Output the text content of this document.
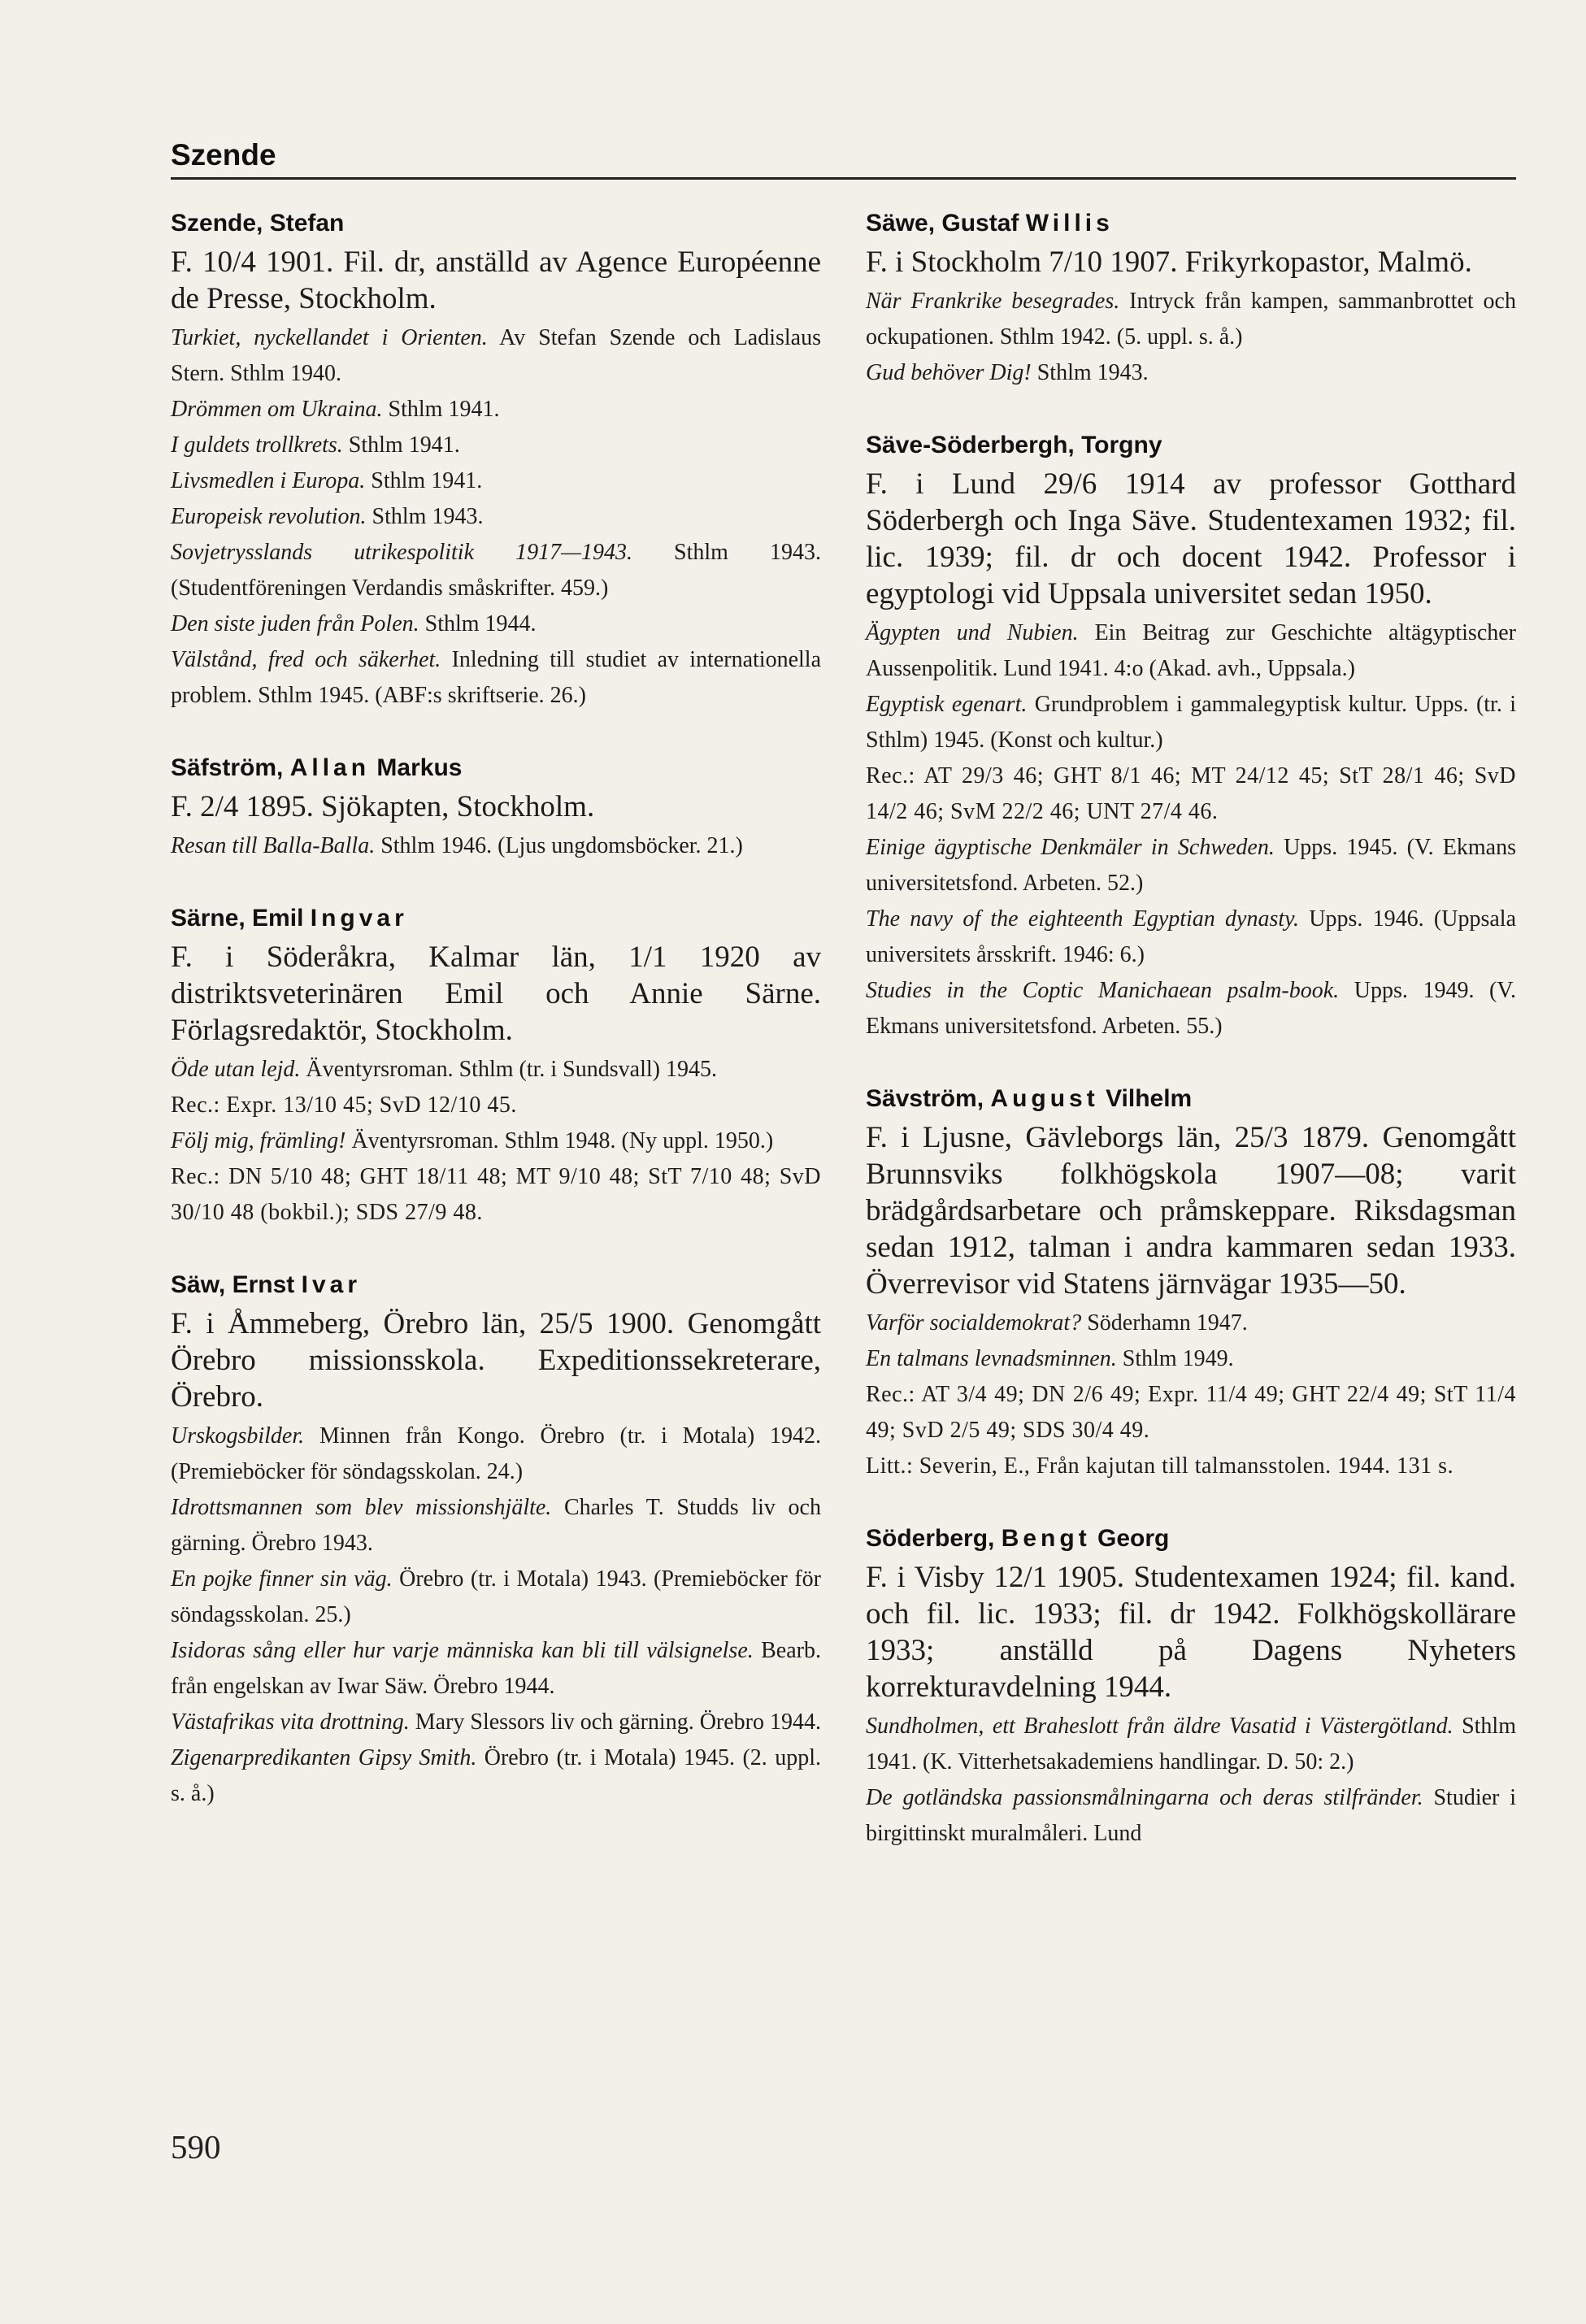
Szende

Szende, Stefan

F. 10/4 1901. Fil. dr, anställd av Agence Européenne de Presse, Stockholm.

Turkiet, nyckellandet i Orienten. Av Stefan Szende och Ladislaus Stern. Sthlm 1940.

Drömmen om Ukraina. Sthlm 1941.

I guldets trollkrets. Sthlm 1941.

Livsmedlen i Europa. Sthlm 1941.

Europeisk revolution. Sthlm 1943.

Sovjetrysslands utrikespolitik 1917—1943. Sthlm 1943. (Studentföreningen Verdandis småskrifter. 459.)

Den siste juden från Polen. Sthlm 1944.

Välstånd, fred och säkerhet. Inledning till studiet av internationella problem. Sthlm 1945. (ABF:s skriftserie. 26.)

Säfström, Allan Markus

F. 2/4 1895. Sjökapten, Stockholm.

Resan till Balla-Balla. Sthlm 1946. (Ljus ungdomsböcker. 21.)

Särne, Emil Ingvar

F. i Söderåkra, Kalmar län, 1/1 1920 av distriktsveterinären Emil och Annie Särne. Förlagsredaktör, Stockholm.

Öde utan lejd. Äventyrsroman. Sthlm (tr. i Sundsvall) 1945.

Rec.: Expr. 13/10 45; SvD 12/10 45.

Följ mig, främling! Äventyrsroman. Sthlm 1948. (Ny uppl. 1950.)

Rec.: DN 5/10 48; GHT 18/11 48; MT 9/10 48; StT 7/10 48; SvD 30/10 48 (bokbil.); SDS 27/9 48.

Säw, Ernst Ivar

F. i Åmmeberg, Örebro län, 25/5 1900. Genomgått Örebro missionsskola. Expeditionssekreterare, Örebro.

Urskogsbilder. Minnen från Kongo. Örebro (tr. i Motala) 1942. (Premieböcker för söndagsskolan. 24.)

Idrottsmannen som blev missionshjälte. Charles T. Studds liv och gärning. Örebro 1943.

En pojke finner sin väg. Örebro (tr. i Motala) 1943. (Premieböcker för söndagsskolan. 25.)

Isidoras sång eller hur varje människa kan bli till välsignelse. Bearb. från engelskan av Iwar Säw. Örebro 1944.

Västafrikas vita drottning. Mary Slessors liv och gärning. Örebro 1944.

Zigenarpredikanten Gipsy Smith. Örebro (tr. i Motala) 1945. (2. uppl. s. å.)

Säwe, Gustaf Willis

F. i Stockholm 7/10 1907. Frikyrkopastor, Malmö.

När Frankrike besegrades. Intryck från kampen, sammanbrottet och ockupationen. Sthlm 1942. (5. uppl. s. å.)

Gud behöver Dig! Sthlm 1943.

Säve-Söderbergh, Torgny

F. i Lund 29/6 1914 av professor Gotthard Söderbergh och Inga Säve. Studentexamen 1932; fil. lic. 1939; fil. dr och docent 1942. Professor i egyptologi vid Uppsala universitet sedan 1950.

Ägypten und Nubien. Ein Beitrag zur Geschichte altägyptischer Aussenpolitik. Lund 1941. 4:o (Akad. avh., Uppsala.)

Egyptisk egenart. Grundproblem i gammalegyptisk kultur. Upps. (tr. i Sthlm) 1945. (Konst och kultur.)

Rec.: AT 29/3 46; GHT 8/1 46; MT 24/12 45; StT 28/1 46; SvD 14/2 46; SvM 22/2 46; UNT 27/4 46.

Einige ägyptische Denkmäler in Schweden. Upps. 1945. (V. Ekmans universitetsfond. Arbeten. 52.)

The navy of the eighteenth Egyptian dynasty. Upps. 1946. (Uppsala universitets årsskrift. 1946: 6.)

Studies in the Coptic Manichaean psalm-book. Upps. 1949. (V. Ekmans universitetsfond. Arbeten. 55.)

Sävström, August Vilhelm

F. i Ljusne, Gävleborgs län, 25/3 1879. Genomgått Brunnsviks folkhögskola 1907—08; varit brädgårdsarbetare och pråmskeppare. Riksdagsman sedan 1912, talman i andra kammaren sedan 1933. Överrevisor vid Statens järnvägar 1935—50.

Varför socialdemokrat? Söderhamn 1947.

En talmans levnadsminnen. Sthlm 1949.

Rec.: AT 3/4 49; DN 2/6 49; Expr. 11/4 49; GHT 22/4 49; StT 11/4 49; SvD 2/5 49; SDS 30/4 49.

Litt.: Severin, E., Från kajutan till talmansstolen. 1944. 131 s.

Söderberg, Bengt Georg

F. i Visby 12/1 1905. Studentexamen 1924; fil. kand. och fil. lic. 1933; fil. dr 1942. Folkhögskollärare 1933; anställd på Dagens Nyheters korrekturavdelning 1944.

Sundholmen, ett Braheslott från äldre Vasatid i Västergötland. Sthlm 1941. (K. Vitterhetsakademiens handlingar. D. 50: 2.)

De gotländska passionsmålningarna och deras stilfränder. Studier i birgittinskt muralmåleri. Lund

590
